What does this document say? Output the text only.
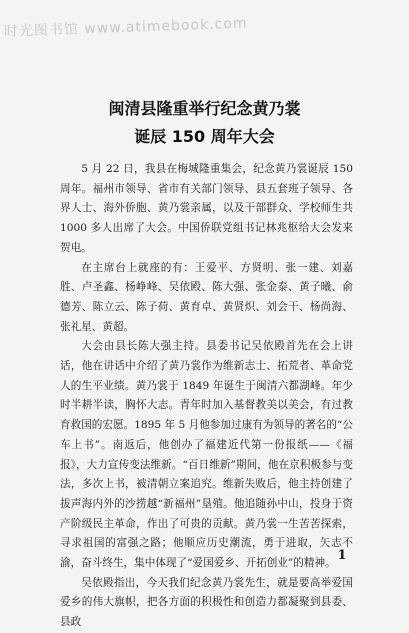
时光图书馆 www.atimebook.com
闽清县隆重举行纪念黄乃裳
诞辰 150 周年大会

5 月 22 日，我县在梅城隆重集会，纪念黄乃裳诞辰 150 周年。福州市领导、省市有关部门领导、县五套班子领导、各界人士、海外侨胞、黄乃裳亲属，以及干部群众、学校师生共 1000 多人出席了大会。中国侨联党组书记林兆枢给大会发来贺电。

在主席台上就座的有：王爱平、方贤明、张一建、刘嘉胜、卢圣鑫、杨峥峰、吴依殿、陈大强、张金泰、黄子曦、俞德芳、陈立云、陈子荷、黄育卓、黄贤炽、刘会干、杨尚海、张礼星、黄超。

大会由县长陈大强主持。县委书记吴依殿首先在会上讲话，他在讲话中介绍了黄乃裳作为维新志士、拓荒者、革命党人的生平业绩。黄乃裳于 1849 年诞生于闽清六都湖峰。年少时半耕半读，胸怀大志。青年时加入基督教美以美会，有过教育救国的宏愿。1895 年 5 月他参加过康有为领导的著名的“公车上书”。南返后，他创办了福建近代第一份报纸——《福报》，大力宣传变法维新。“百日维新”期间，他在京积极参与变法，多次上书，被清朝立案追究。维新失败后，他主持创建了拔声海内外的沙捞越“新福州”垦殖。他追随孙中山，投身于资产阶级民主革命，作出了可贵的贡献。黄乃裳一生苦苦探索，寻求祖国的富强之路；他顺应历史潮流，勇于进取，矢志不渝，奋斗终生，集中体现了“爱国爱乡、开拓创业”的精神。

吴依殿指出，今天我们纪念黄乃裳先生，就是要高举爱国爱乡的伟大旗帜，把各方面的积极性和创造力都凝聚到县委、县政

1
